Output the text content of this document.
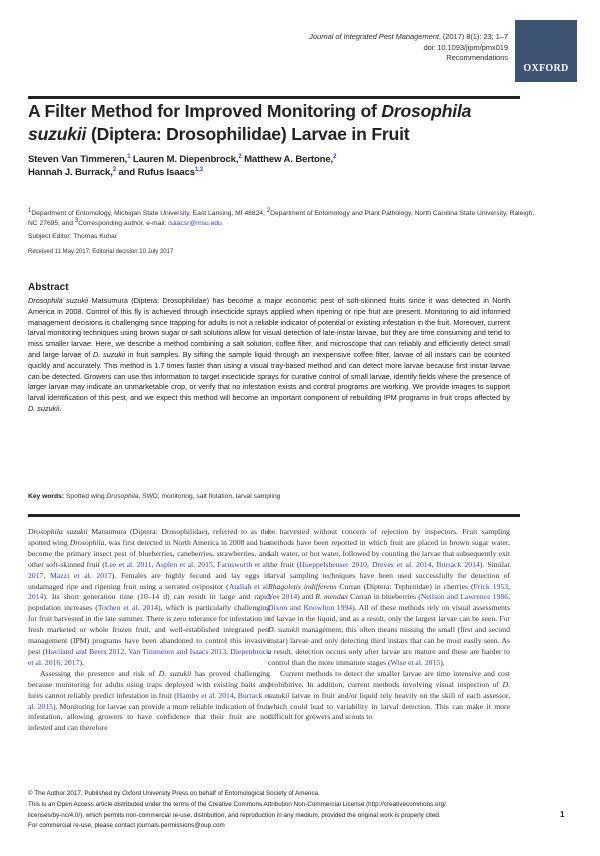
Journal of Integrated Pest Management, (2017) 8(1): 23; 1–7
doi: 10.1093/jipm/pmx019
Recommendations
OXFORD
A Filter Method for Improved Monitoring of Drosophila suzukii (Diptera: Drosophilidae) Larvae in Fruit
Steven Van Timmeren,$^1$ Lauren M. Diepenbrock,$^2$ Matthew A. Bertone,$^2$
Hannah J. Burrack,$^2$ and Rufus Isaacs$^{1,3}$
$^1$Department of Entomology, Michigan State University, East Lansing, MI 48824, $^2$Department of Entomology and Plant Pathology, North Carolina State University, Raleigh, NC 27695, and $^3$Corresponding author, e-mail: isaacsr@msu.edu
Subject Editor: Thomas Kuhar
Received 11 May 2017; Editorial decision 10 July 2017
Abstract
Drosophila suzukii Matsumura (Diptera: Drosophilidae) has become a major economic pest of soft-skinned fruits since it was detected in North America in 2008. Control of this fly is achieved through insecticide sprays applied when ripening or ripe fruit are present. Monitoring to aid informed management decisions is challenging since trapping for adults is not a reliable indicator of potential or existing infestation in the fruit. Moreover, current larval monitoring techniques using brown sugar or salt solutions allow for visual detection of late-instar larvae, but they are time consuming and tend to miss smaller larvae. Here, we describe a method combining a salt solution, coffee filter, and microscope that can reliably and efficiently detect small and large larvae of D. suzukii in fruit samples. By sifting the sample liquid through an inexpensive coffee filter, larvae of all instars can be counted quickly and accurately. This method is 1.7 times faster than using a visual tray-based method and can detect more larvae because first instar larvae can be detected. Growers can use this information to target insecticide sprays for curative control of small larvae, identify fields where the presence of larger larvae may indicate an unmarketable crop, or verify that no infestation exists and control programs are working. We provide images to support larval identification of this pest, and we expect this method will become an important component of rebuilding IPM programs in fruit crops affected by D. suzukii.
Key words: Spotted wing Drosophila, SWD, monitoring, salt flotation, larval sampling

Drosophila suzukii Matsumura (Diptera: Drosophilidae), referred to as the spotted wing Drosophila, was first detected in North America in 2008 and has become the primary insect pest of blueberries, caneberries, strawberries, and other soft-skinned fruit (Lee et al. 2011, Asplen et al. 2015, Farnsworth et al. 2017, Mazzi et al. 2017). Females are highly fecund and lay eggs in undamaged ripe and ripening fruit using a serrated ovipositor (Atallah et al. 2014). Its short generation time (10–14 d) can result in large and rapid population increases (Tochen et al. 2014), which is particularly challenging for fruit harvested in the late summer. There is zero tolerance for infestation in fresh marketed or whole frozen fruit, and well-established integrated pest management (IPM) programs have been abandoned to control this invasive pest (Haviland and Beers 2012, Van Timmeren and Isaacs 2013, Diepenbrock et al. 2016, 2017).

Assessing the presence and risk of D. suzukii has proved challenging because monitoring for adults using traps deployed with existing baits and lures cannot reliably predict infestation in fruit (Hamby et al. 2014, Burrack et al. 2015). Monitoring for larvae can provide a more reliable indication of fruit infestation, allowing growers to have confidence that their fruit are not infested and can therefore

be harvested without concern of rejection by inspectors. Fruit sampling methods have been reported in which fruit are placed in brown sugar water, salt water, or hot water, followed by counting the larvae that subsequently exit the fruit (Hueppelsheuser 2010, Dreves et al. 2014, Burrack 2014). Similar larval sampling techniques have been used successfully for detection of Rhagoletis indifferens Curran (Diptera: Tephritidae) in cherries (Frick 1953, Yee 2014) and R. mendax Curran in blueberries (Neilson and Lawrence 1986, Dixon and Knowlton 1994). All of these methods rely on visual assessments of larvae in the liquid, and as a result, only the largest larvae can be seen. For D. suzukii management, this often means missing the small (first and second instar) larvae and only detecting third instars that can be most easily seen. As a result, detection occurs only after larvae are mature and these are harder to control than the more immature stages (Wise et al. 2015).

Current methods to detect the smaller larvae are time intensive and cost prohibitive. In addition, current methods involving visual inspection of D. suzukii larvae in fruit and/or liquid rely heavily on the skill of each assessor, which could lead to variability in larval detection. This can make it more difficult for growers and scouts to

© The Author 2017. Published by Oxford University Press on behalf of Entomological Society of America.
This is an Open Access article distributed under the terms of the Creative Commons Attribution Non-Commercial License (http://creativecommons.org/
licenses/by-nc/4.0/), which permits non-commercial re-use, distribution, and reproduction in any medium, provided the original work is properly cited.
For commercial re-use, please contact journals.permissions@oup.com
1
